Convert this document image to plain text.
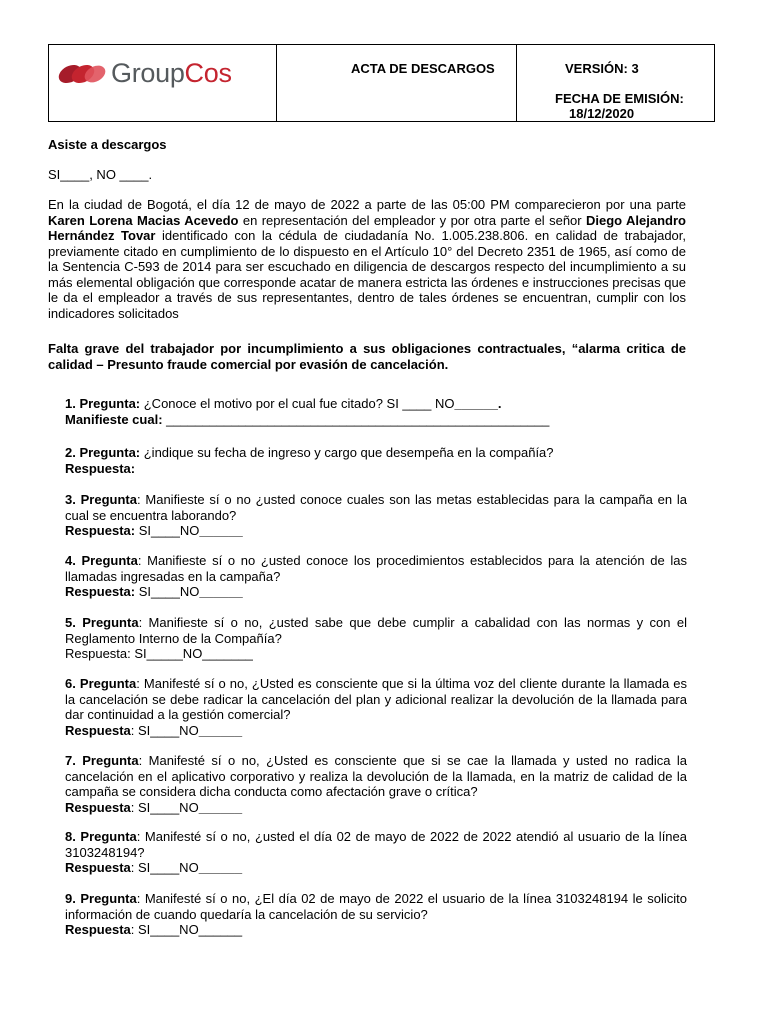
GroupCos	ACTA DE DESCARGOS	VERSIÓN: 3
FECHA DE EMISIÓN:
18/12/2020
Asiste a descargos
SI____, NO ____.
En la ciudad de Bogotá, el día 12 de mayo de 2022 a parte de las 05:00 PM comparecieron por una parte Karen Lorena Macias Acevedo en representación del empleador y por otra parte el señor Diego Alejandro Hernández Tovar identificado con la cédula de ciudadanía No. 1.005.238.806. en calidad de trabajador, previamente citado en cumplimiento de lo dispuesto en el Artículo 10° del Decreto 2351 de 1965, así como de la Sentencia C-593 de 2014 para ser escuchado en diligencia de descargos respecto del incumplimiento a su más elemental obligación que corresponde acatar de manera estricta las órdenes e instrucciones precisas que le da el empleador a través de sus representantes, dentro de tales órdenes se encuentran, cumplir con los indicadores solicitados
Falta grave del trabajador por incumplimiento a sus obligaciones contractuales, “alarma critica de calidad – Presunto fraude comercial por evasión de cancelación.
1. Pregunta: ¿Conoce el motivo por el cual fue citado? SI ____ NO______.
Manifieste cual: _____________________________________________________
2. Pregunta: ¿indique su fecha de ingreso y cargo que desempeña en la compañía?
Respuesta:
3. Pregunta: Manifieste sí o no ¿usted conoce cuales son las metas establecidas para la campaña en la cual se encuentra laborando?
Respuesta: SI____NO______
4. Pregunta: Manifieste sí o no ¿usted conoce los procedimientos establecidos para la atención de las llamadas ingresadas en la campaña?
Respuesta: SI____NO______
5. Pregunta: Manifieste sí o no, ¿usted sabe que debe cumplir a cabalidad con las normas y con el Reglamento Interno de la Compañía?
Respuesta: SI_____NO_______
6. Pregunta: Manifesté sí o no, ¿Usted es consciente que si la última voz del cliente durante la llamada es la cancelación se debe radicar la cancelación del plan y adicional realizar la devolución de la llamada para dar continuidad a la gestión comercial?
Respuesta: SI____NO______
7. Pregunta: Manifesté sí o no, ¿Usted es consciente que si se cae la llamada y usted no radica la cancelación en el aplicativo corporativo y realiza la devolución de la llamada, en la matriz de calidad de la campaña se considera dicha conducta como afectación grave o crítica?
Respuesta: SI____NO______
8. Pregunta: Manifesté sí o no, ¿usted el día 02 de mayo de 2022 de 2022 atendió al usuario de la línea 3103248194?
Respuesta: SI____NO______
9. Pregunta: Manifesté sí o no, ¿El día 02 de mayo de 2022 el usuario de la línea 3103248194 le solicito información de cuando quedaría la cancelación de su servicio?
Respuesta: SI____NO______
